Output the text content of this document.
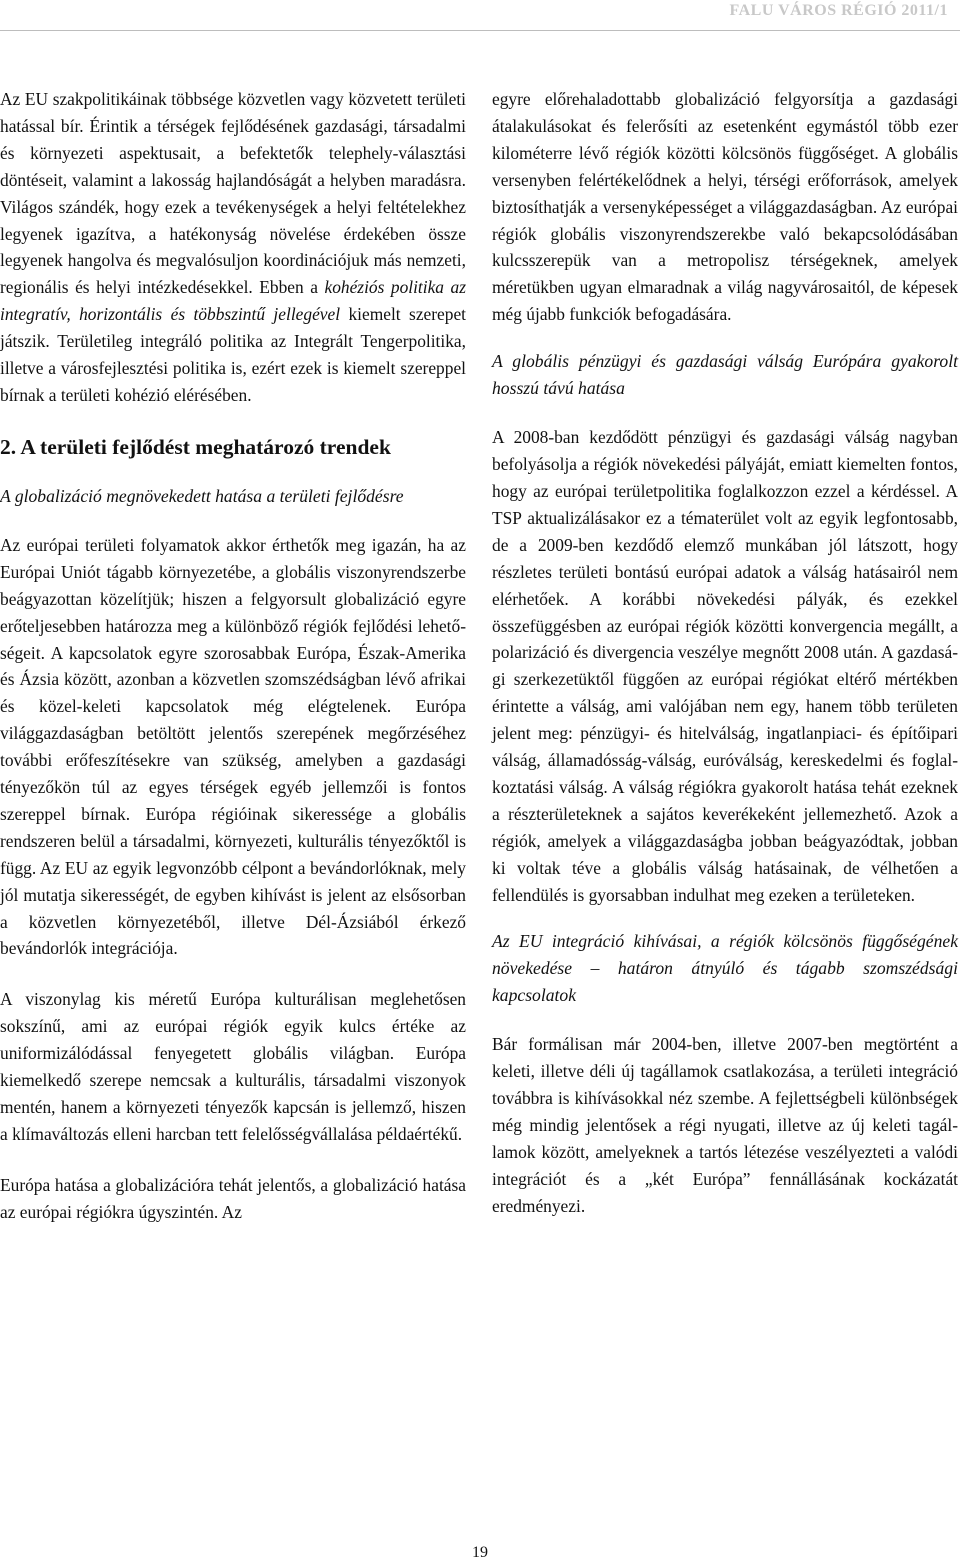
FALU VÁROS RÉGIÓ 2011/1

Az EU szakpolitikáinak többsége közvetlen vagy közvetett területi hatással bír. Érintik a térségek fejlődésének gazdasági, társadalmi és környezeti aspektusait, a befektetők telephely-választási döntéseit, valamint a lakosság hajlandóságát a helyben maradásra. Világos szándék, hogy ezek a tevékenységek a helyi feltételekhez legyenek igazítva, a hatékonyság növelése érdekében össze legyenek hangolva és megvalósuljon koordinációjuk más nemzeti, regionális és helyi intézkedésekkel. Ebben a kohéziós politika az integratív, horizontális és többszintű jellegével kiemelt szerepet játszik. Területileg integráló politika az Integrált Tengerpolitika, illetve a városfejlesztési politika is, ezért ezek is kiemelt szereppel bírnak a területi kohézió elérésében.

2. A területi fejlődést meghatározó trendek
A globalizáció megnövekedett hatása a területi fejlődésre

Az európai területi folyamatok akkor érthetők meg igazán, ha az Európai Uniót tágabb környezetébe, a globális viszonyrendszerbe beágyazottan közelítjük; hiszen a felgyorsult globalizáció egyre erőteljesebben határozza meg a különböző régiók fejlődési lehetőségeit. A kapcsolatok egyre szorosabbak Európa, Észak-Amerika és Ázsia között, azonban a közvetlen szomszédságban lévő afrikai és közel-keleti kapcsolatok még elégtelenek. Európa világgazdaságban betöltött jelentős szerepének megőrzéséhez további erőfeszítésekre van szükség, amelyben a gazdasági tényezőkön túl az egyes térségek egyéb jellemzői is fontos szereppel bírnak. Európa régióinak sikeressége a globális rendszeren belül a társadalmi, környezeti, kulturális tényezőktől is függ. Az EU az egyik legvonzóbb célpont a bevándorlóknak, mely jól mutatja sikerességét, de egyben kihívást is jelent az elsősorban a közvetlen környezetéből, illetve Dél-Ázsiából érkező bevándorlók integrációja.

A viszonylag kis méretű Európa kulturálisan meglehetősen sokszínű, ami az európai régiók egyik kulcs értéke az uniformizálódással fenyegetett globális világban. Európa kiemelkedő szerepe nemcsak a kulturális, társadalmi viszonyok mentén, hanem a környezeti tényezők kapcsán is jellemző, hiszen a klímaváltozás elleni harcban tett felelősségvállalása példaértékű.

Európa hatása a globalizációra tehát jelentős, a globalizáció hatása az európai régiókra úgyszintén. Az

egyre előrehaladottabb globalizáció felgyorsítja a gazdasági átalakulásokat és felerősíti az esetenként egymástól több ezer kilométerre lévő régiók közötti kölcsönös függőséget. A globális versenyben felértékelődnek a helyi, térségi erőforrások, amelyek biztosíthatják a versenyképességet a világgazdaságban. Az európai régiók globális viszonyrendszerekbe való bekapcsolódásában kulcsszerepük van a metropolisz térségeknek, amelyek méretükben ugyan elmaradnak a világ nagyvárosaitól, de képesek még újabb funkciók befogadására.

A globális pénzügyi és gazdasági válság Európára gyakorolt hosszú távú hatása

A 2008-ban kezdődött pénzügyi és gazdasági válság nagyban befolyásolja a régiók növekedési pályáját, emiatt kiemelten fontos, hogy az európai területpolitika foglalkozzon ezzel a kérdéssel. A TSP aktualizálásakor ez a tématerület volt az egyik legfontosabb, de a 2009-ben kezdődő elemző munkában jól látszott, hogy részletes területi bontású európai adatok a válság hatásairól nem elérhetőek. A korábbi növekedési pályák, és ezekkel összefüggésben az európai régiók közötti konvergencia megállt, a polarizáció és divergencia veszélye megnőtt 2008 után. A gazdasági szerkezetüktől függően az európai régiókat eltérő mértékben érintette a válság, ami valójában nem egy, hanem több területen jelent meg: pénzügyi- és hitelválság, ingatlanpiaci- és építőipari válság, államadósság-válság, euróválság, kereskedelmi és foglalkoztatási válság. A válság régiókra gyakorolt hatása tehát ezeknek a részterületeknek a sajátos keverékeként jellemezhető. Azok a régiók, amelyek a világgazdaságba jobban beágyazódtak, jobban ki voltak téve a globális válság hatásainak, de vélhetően a fellendülés is gyorsabban indulhat meg ezeken a területeken.

Az EU integráció kihívásai, a régiók kölcsönös függőségének növekedése – határon átnyúló és tágabb szomszédsági kapcsolatok

Bár formálisan már 2004-ben, illetve 2007-ben megtörtént a keleti, illetve déli új tagállamok csatlakozása, a területi integráció továbbra is kihívásokkal néz szembe. A fejlettségbeli különbségek még mindig jelentősek a régi nyugati, illetve az új keleti tagállamok között, amelyeknek a tartós létezése veszélyezteti a valódi integrációt és a „két Európa” fennállásának kockázatát eredményezi.

19
